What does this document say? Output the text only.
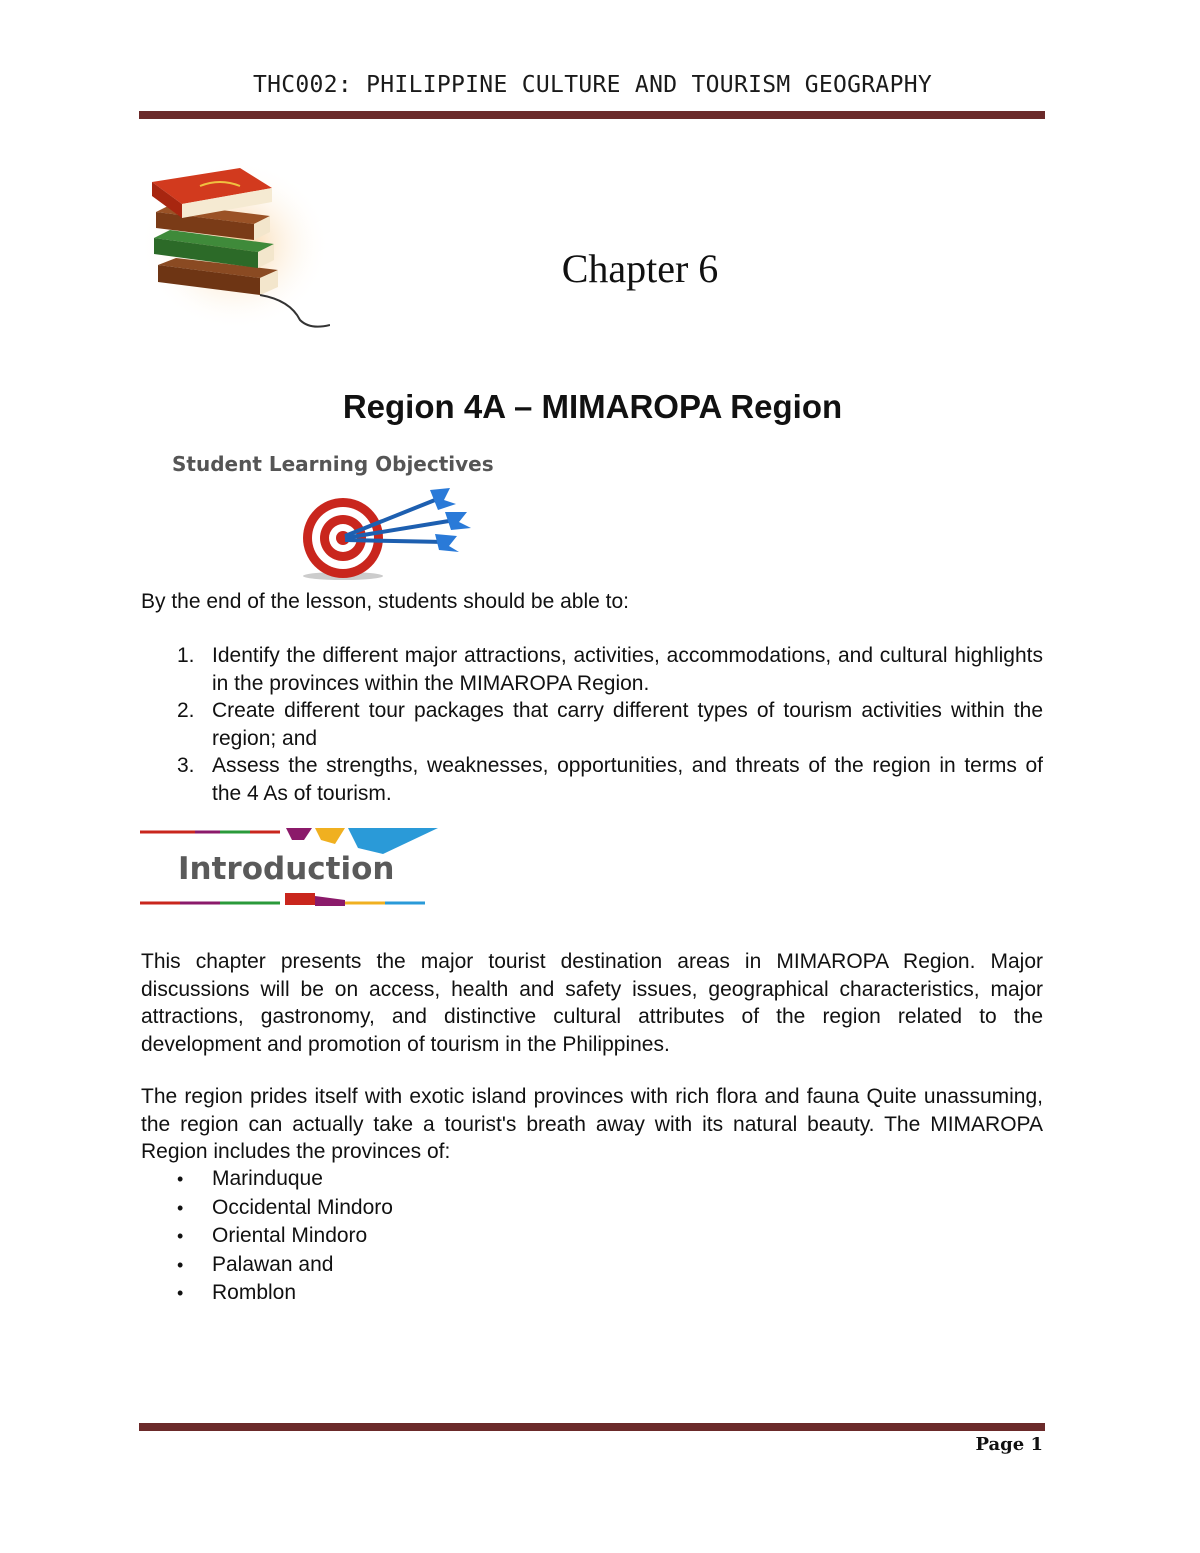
THC002: PHILIPPINE CULTURE AND TOURISM GEOGRAPHY
Chapter 6
Region 4A – MIMAROPA Region
Student Learning Objectives
By the end of the lesson, students should be able to:
1. Identify the different major attractions, activities, accommodations, and cultural highlights in the provinces within the MIMAROPA Region.
2. Create different tour packages that carry different types of tourism activities within the region; and
3. Assess the strengths, weaknesses, opportunities, and threats of the region in terms of the 4 As of tourism.
Introduction

This chapter presents the major tourist destination areas in MIMAROPA Region. Major discussions will be on access, health and safety issues, geographical characteristics, major attractions, gastronomy, and distinctive cultural attributes of the region related to the development and promotion of tourism in the Philippines.

The region prides itself with exotic island provinces with rich flora and fauna Quite unassuming, the region can actually take a tourist's breath away with its natural beauty. The MIMAROPA Region includes the provinces of:

• Marinduque
• Occidental Mindoro
• Oriental Mindoro
• Palawan and
• Romblon
Page 1
